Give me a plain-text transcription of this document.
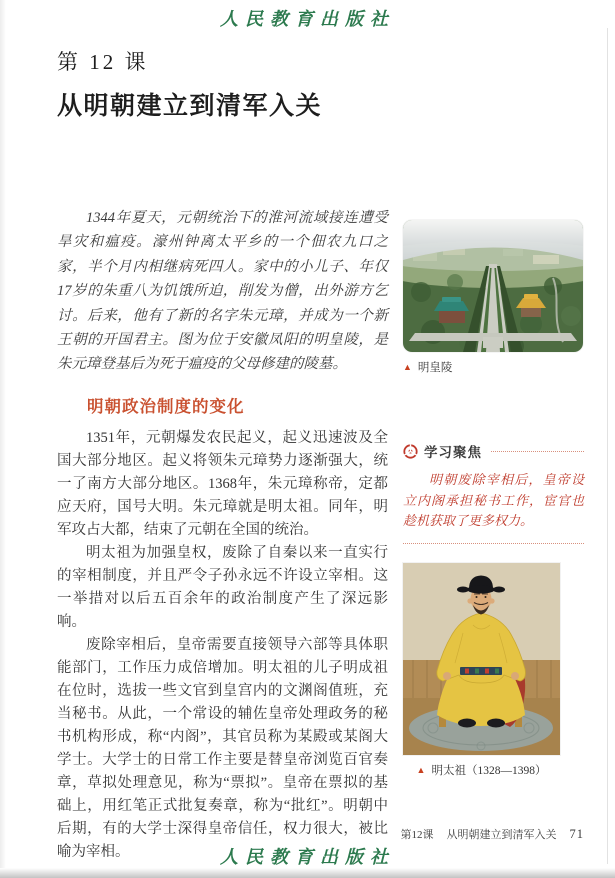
人民教育出版社
第 12 课
从明朝建立到清军入关

1344年夏天，元朝统治下的淮河流域接连遭受旱灾和瘟疫。濠州钟离太平乡的一个佃农九口之家，半个月内相继病死四人。家中的小儿子、年仅17岁的朱重八为饥饿所迫，削发为僧，出外游方乞讨。后来，他有了新的名字朱元璋，并成为一个新王朝的开国君主。图为位于安徽凤阳的明皇陵，是朱元璋登基后为死于瘟疫的父母修建的陵墓。

明朝政治制度的变化

1351年，元朝爆发农民起义，起义迅速波及全国大部分地区。起义将领朱元璋势力逐渐强大，统一了南方大部分地区。1368年，朱元璋称帝，定都应天府，国号大明。朱元璋就是明太祖。同年，明军攻占大都，结束了元朝在全国的统治。

明太祖为加强皇权，废除了自秦以来一直实行的宰相制度，并且严令子孙永远不许设立宰相。这一举措对以后五百余年的政治制度产生了深远影响。

废除宰相后，皇帝需要直接领导六部等具体职能部门，工作压力成倍增加。明太祖的儿子明成祖在位时，选拔一些文官到皇宫内的文渊阁值班，充当秘书。从此，一个常设的辅佐皇帝处理政务的秘书机构形成，称“内阁”，其官员称为某殿或某阁大学士。大学士的日常工作主要是替皇帝浏览百官奏章，草拟处理意见，称为“票拟”。皇帝在票拟的基础上，用红笔正式批复奏章，称为“批红”。明朝中后期，有的大学士深得皇帝信任，权力很大，被比喻为宰相。

▲ 明皇陵
学习聚焦

明朝废除宰相后，皇帝设立内阁承担秘书工作，宦官也趁机获取了更多权力。

▲ 明太祖（1328—1398）
第12课 从明朝建立到清军入关 71
人民教育出版社
